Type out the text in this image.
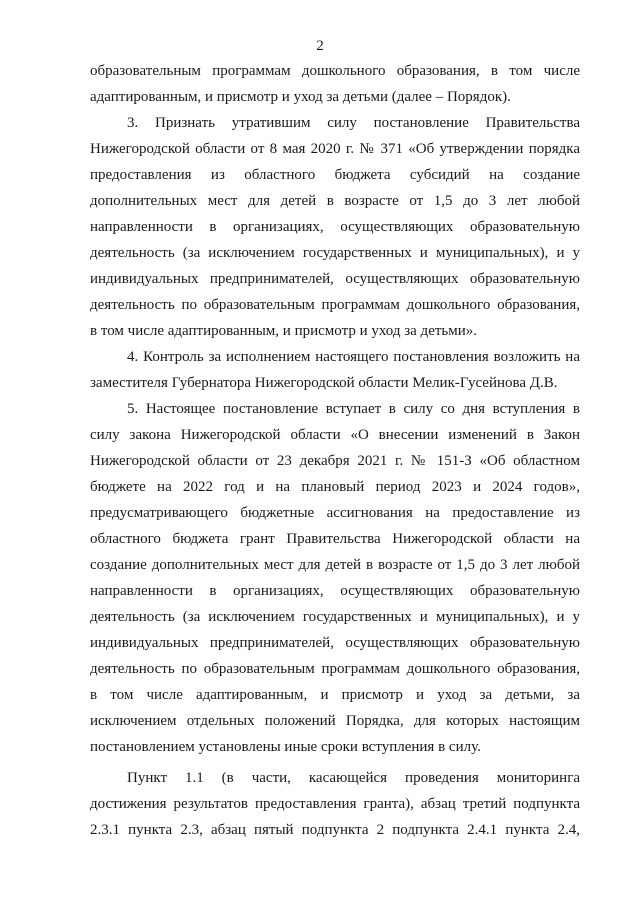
2
образовательным программам дошкольного образования, в том числе
адаптированным, и присмотр и уход за детьми (далее – Порядок).
3. Признать утратившим силу постановление Правительства
Нижегородской области от 8 мая 2020 г. № 371 «Об утверждении порядка
предоставления из областного бюджета субсидий на создание
дополнительных мест для детей в возрасте от 1,5 до 3 лет любой
направленности в организациях, осуществляющих образовательную
деятельность (за исключением государственных и муниципальных), и у
индивидуальных предпринимателей, осуществляющих образовательную
деятельность по образовательным программам дошкольного образования,
в том числе адаптированным, и присмотр и уход за детьми».
4. Контроль за исполнением настоящего постановления возложить на
заместителя Губернатора Нижегородской области Мелик-Гусейнова Д.В.
5. Настоящее постановление вступает в силу со дня вступления в
силу закона Нижегородской области «О внесении изменений в Закон
Нижегородской области от 23 декабря 2021 г. № 151-З «Об областном
бюджете на 2022 год и на плановый период 2023 и 2024 годов»,
предусматривающего бюджетные ассигнования на предоставление из
областного бюджета грант Правительства Нижегородской области на
создание дополнительных мест для детей в возрасте от 1,5 до 3 лет любой
направленности в организациях, осуществляющих образовательную
деятельность (за исключением государственных и муниципальных), и у
индивидуальных предпринимателей, осуществляющих образовательную
деятельность по образовательным программам дошкольного образования,
в том числе адаптированным, и присмотр и уход за детьми, за
исключением отдельных положений Порядка, для которых настоящим
постановлением установлены иные сроки вступления в силу.
Пункт 1.1 (в части, касающейся проведения мониторинга
достижения результатов предоставления гранта), абзац третий подпункта
2.3.1 пункта 2.3, абзац пятый подпункта 2 подпункта 2.4.1 пункта 2.4,
